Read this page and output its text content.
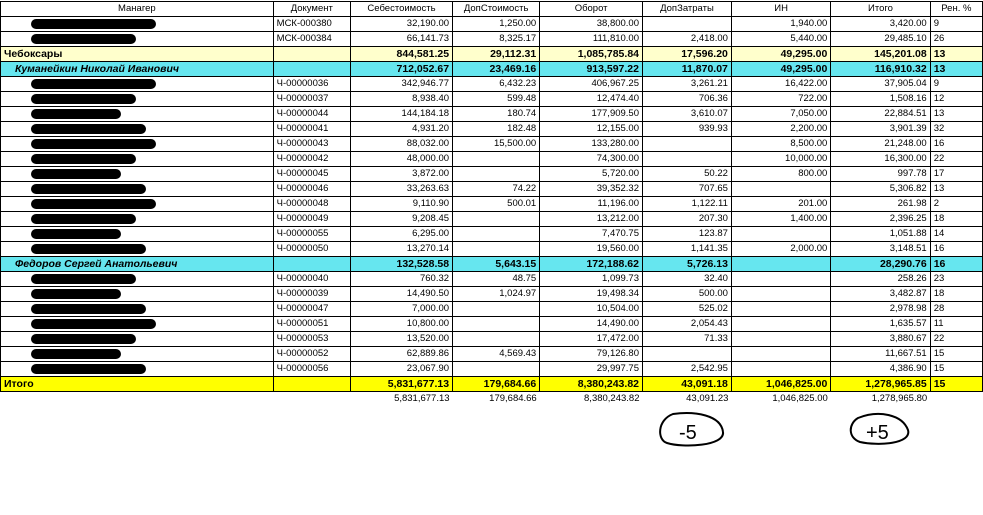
Манагер	Документ	Себестоимость	ДопСтоимость	Оборот	ДопЗатраты	ИН	Итого	Рен. %
	МСК-000380	32,190.00	1,250.00	38,800.00		1,940.00	3,420.00	9
	МСК-000384	66,141.73	8,325.17	111,810.00	2,418.00	5,440.00	29,485.10	26
Чебоксары		844,581.25	29,112.31	1,085,785.84	17,596.20	49,295.00	145,201.08	13
Куманейкин Николай Иванович		712,052.67	23,469.16	913,597.22	11,870.07	49,295.00	116,910.32	13
	Ч-00000036	342,946.77	6,432.23	406,967.25	3,261.21	16,422.00	37,905.04	9
	Ч-00000037	8,938.40	599.48	12,474.40	706.36	722.00	1,508.16	12
	Ч-00000044	144,184.18	180.74	177,909.50	3,610.07	7,050.00	22,884.51	13
	Ч-00000041	4,931.20	182.48	12,155.00	939.93	2,200.00	3,901.39	32
	Ч-00000043	88,032.00	15,500.00	133,280.00		8,500.00	21,248.00	16
	Ч-00000042	48,000.00		74,300.00		10,000.00	16,300.00	22
	Ч-00000045	3,872.00		5,720.00	50.22	800.00	997.78	17
	Ч-00000046	33,263.63	74.22	39,352.32	707.65		5,306.82	13
	Ч-00000048	9,110.90	500.01	11,196.00	1,122.11	201.00	261.98	2
	Ч-00000049	9,208.45		13,212.00	207.30	1,400.00	2,396.25	18
	Ч-00000055	6,295.00		7,470.75	123.87		1,051.88	14
	Ч-00000050	13,270.14		19,560.00	1,141.35	2,000.00	3,148.51	16
Федоров Сергей Анатольевич		132,528.58	5,643.15	172,188.62	5,726.13		28,290.76	16
	Ч-00000040	760.32	48.75	1,099.73	32.40		258.26	23
	Ч-00000039	14,490.50	1,024.97	19,498.34	500.00		3,482.87	18
	Ч-00000047	7,000.00		10,504.00	525.02		2,978.98	28
	Ч-00000051	10,800.00		14,490.00	2,054.43		1,635.57	11
	Ч-00000053	13,520.00		17,472.00	71.33		3,880.67	22
	Ч-00000052	62,889.86	4,569.43	79,126.80			11,667.51	15
	Ч-00000056	23,067.90		29,997.75	2,542.95		4,386.90	15
Итого		5,831,677.13	179,684.66	8,380,243.82	43,091.18	1,046,825.00	1,278,965.85	15
		5,831,677.13	179,684.66	8,380,243.82	43,091.23	1,046,825.00	1,278,965.80	
-5	+5
